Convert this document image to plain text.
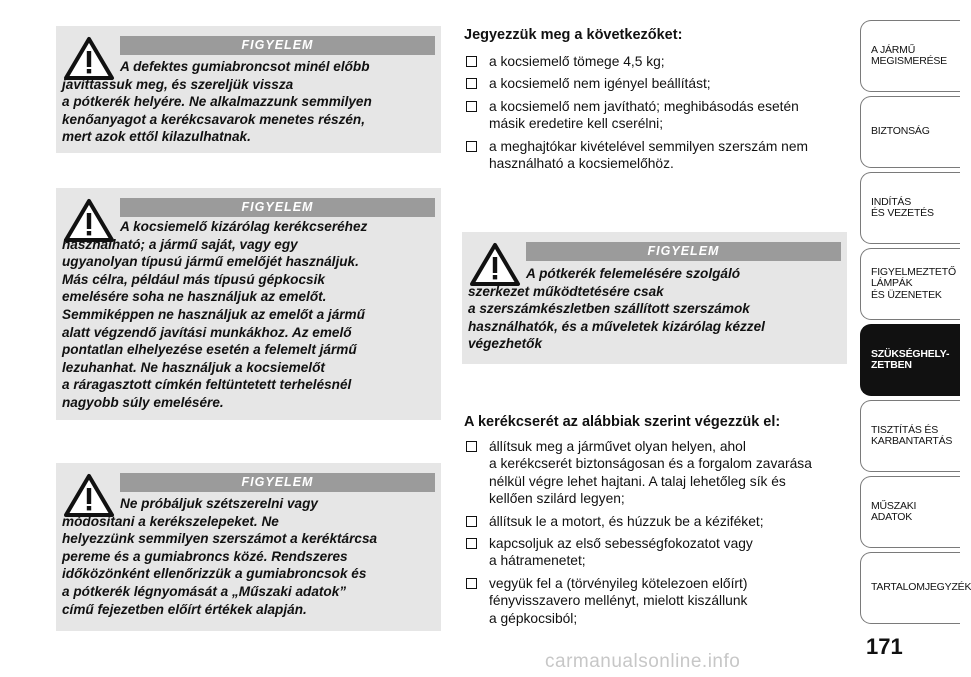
FIGYELEM
A defektes gumiabroncsot minél előbb
javíttassuk meg, és szereljük vissza
a pótkerék helyére. Ne alkalmazzunk semmilyen
kenőanyagot a kerékcsavarok menetes részén,
mert azok ettől kilazulhatnak.
FIGYELEM
A kocsiemelő kizárólag kerékcseréhez
használható; a jármű saját, vagy egy
ugyanolyan típusú jármű emelőjét használjuk.
Más célra, például más típusú gépkocsik
emelésére soha ne használjuk az emelőt.
Semmiképpen ne használjuk az emelőt a jármű
alatt végzendő javítási munkákhoz. Az emelő
pontatlan elhelyezése esetén a felemelt jármű
lezuhanhat. Ne használjuk a kocsiemelőt
a ráragasztott címkén feltüntetett terhelésnél
nagyobb súly emelésére.
FIGYELEM
Ne próbáljuk szétszerelni vagy
módosítani a kerékszelepeket. Ne
helyezzünk semmilyen szerszámot a keréktárcsa
pereme és a gumiabroncs közé. Rendszeres
időközönként ellenőrizzük a gumiabroncsok és
a pótkerék légnyomását a „Műszaki adatok”
című fejezetben előírt értékek alapján.
Jegyezzük meg a következőket:
a kocsiemelő tömege 4,5 kg;
a kocsiemelő nem igényel beállítást;
a kocsiemelő nem javítható; meghibásodás esetén
másik eredetire kell cserélni;
a meghajtókar kivételével semmilyen szerszám nem
használható a kocsiemelőhöz.
FIGYELEM
A pótkerék felemelésére szolgáló
szerkezet működtetésére csak
a szerszámkészletben szállított szerszámok
használhatók, és a műveletek kizárólag kézzel
végezhetők
A kerékcserét az alábbiak szerint végezzük el:
állítsuk meg a járművet olyan helyen, ahol
a kerékcserét biztonságosan és a forgalom zavarása
nélkül végre lehet hajtani. A talaj lehetőleg sík és
kellően szilárd legyen;
állítsuk le a motort, és húzzuk be a kéziféket;
kapcsoljuk az első sebességfokozatot vagy
a hátramenetet;
vegyük fel a (törvényileg kötelezoen előírt)
fényvisszavero mellényt, mielott kiszállunk
a gépkocsiból;
A JÁRMŰ
MEGISMERÉSE
BIZTONSÁG
INDÍTÁS
ÉS VEZETÉS
FIGYELMEZTETŐ
LÁMPÁK
ÉS ÜZENETEK
SZÜKSÉGHELY-
ZETBEN
TISZTÍTÁS ÉS
KARBANTARTÁS
MŰSZAKI
ADATOK
TARTALOMJEGYZÉK
171
carmanualsonline.info
